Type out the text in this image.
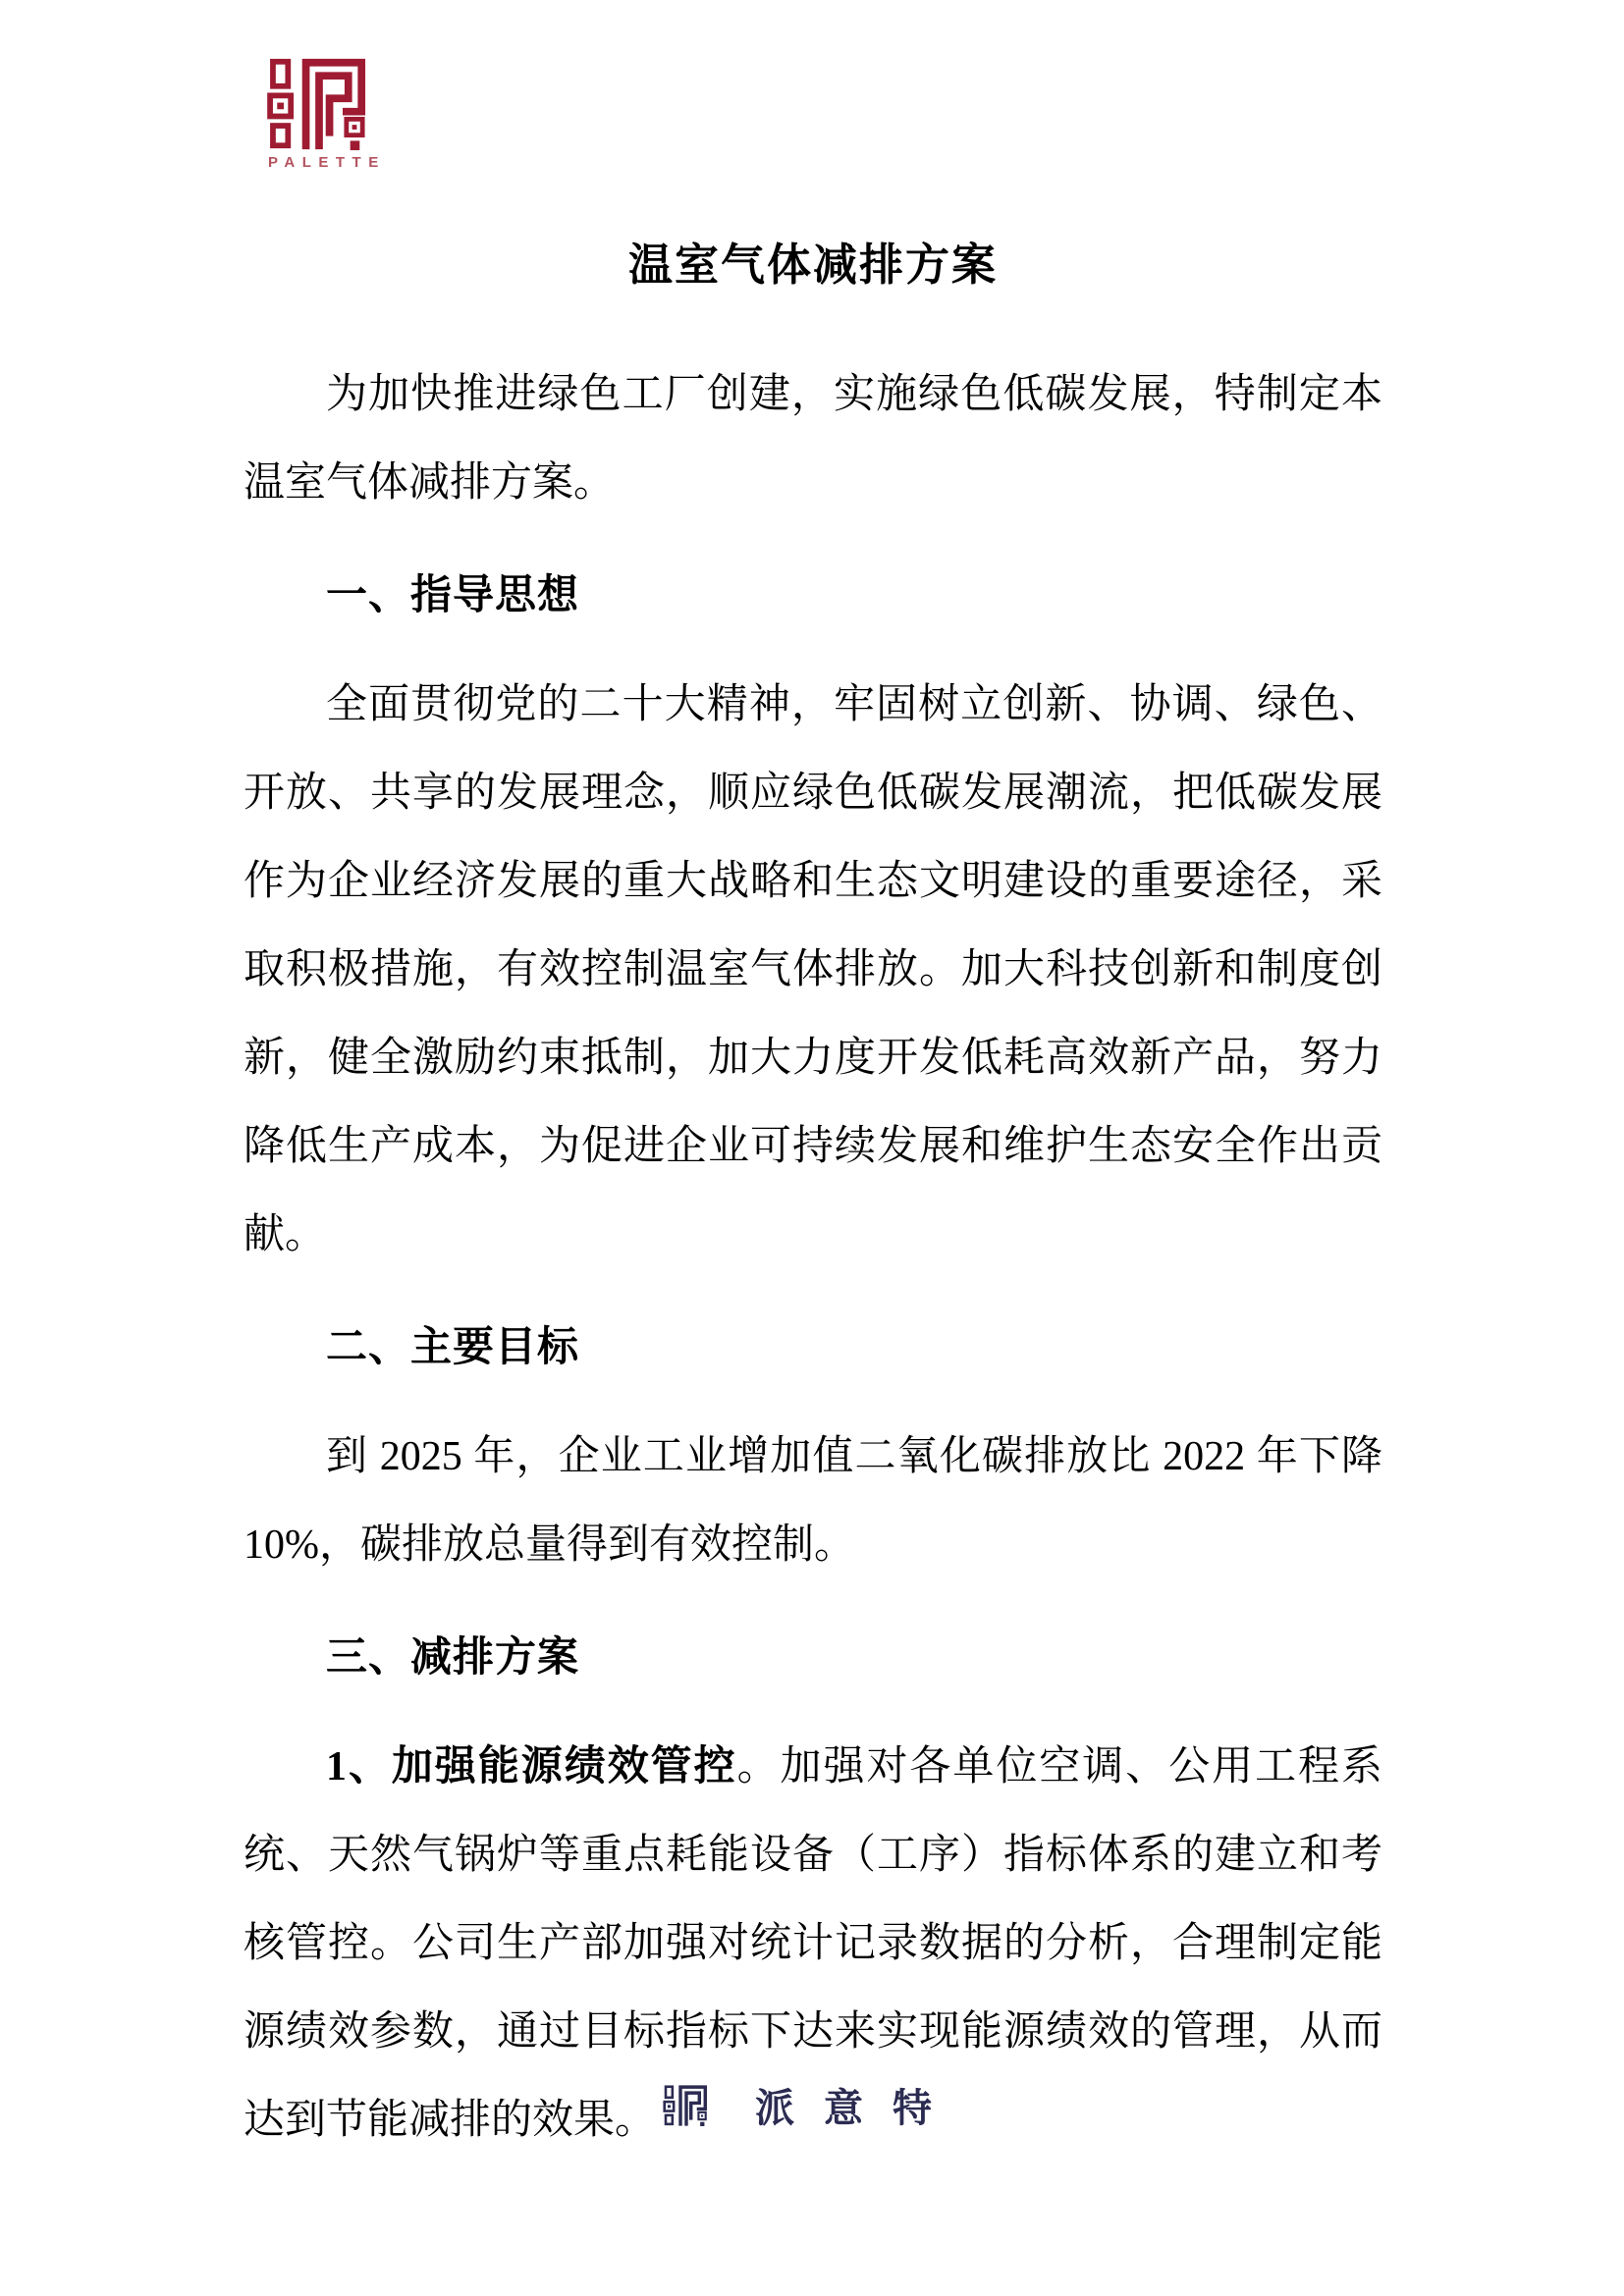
PALETTE
温室气体减排方案

为加快推进绿色工厂创建，实施绿色低碳发展，特制定本温室气体减排方案。

一、指导思想

全面贯彻党的二十大精神，牢固树立创新、协调、绿色、开放、共享的发展理念，顺应绿色低碳发展潮流，把低碳发展作为企业经济发展的重大战略和生态文明建设的重要途径，采取积极措施，有效控制温室气体排放。加大科技创新和制度创新，健全激励约束抵制，加大力度开发低耗高效新产品，努力降低生产成本，为促进企业可持续发展和维护生态安全作出贡献。

二、主要目标

到 2025 年，企业工业增加值二氧化碳排放比 2022 年下降 10%，碳排放总量得到有效控制。

三、减排方案

1、加强能源绩效管控。加强对各单位空调、公用工程系统、天然气锅炉等重点耗能设备（工序）指标体系的建立和考核管控。公司生产部加强对统计记录数据的分析，合理制定能源绩效参数，通过目标指标下达来实现能源绩效的管理，从而达到节能减排的效果。	派意特
